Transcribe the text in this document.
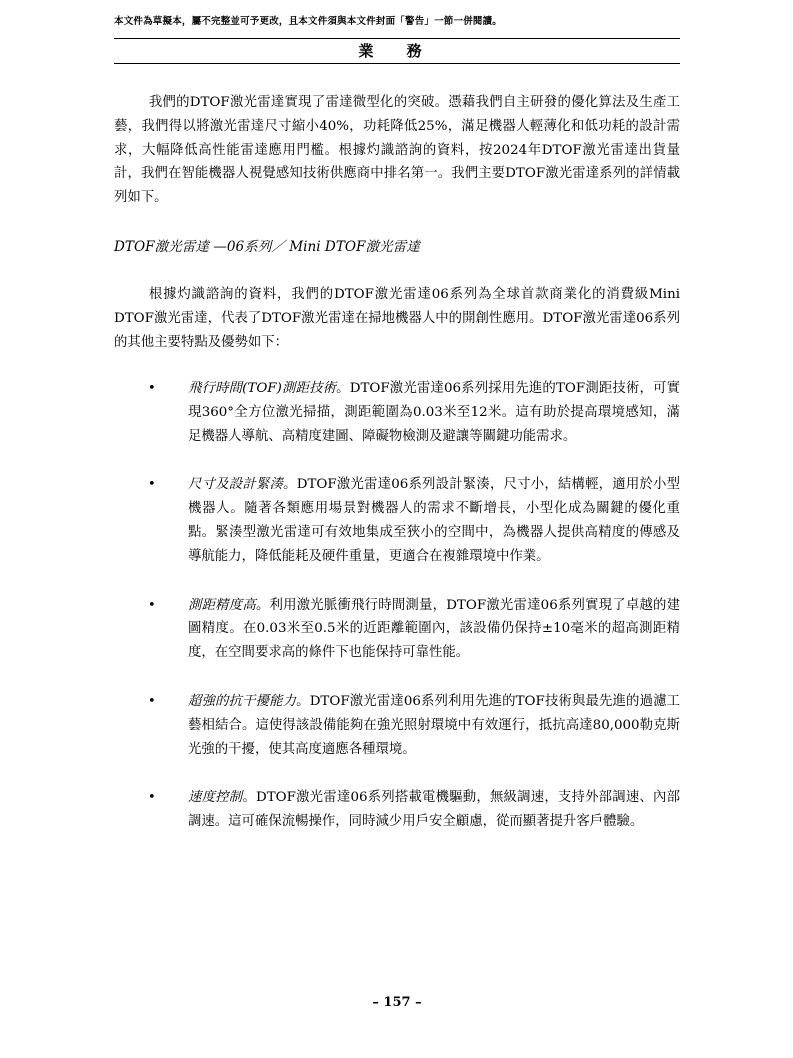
本文件為草擬本，屬不完整並可予更改，且本文件須與本文件封面「警告」一節一併閱讀。
業 務

我們的DTOF激光雷達實現了雷達微型化的突破。憑藉我們自主研發的優化算法及生產工藝，我們得以將激光雷達尺寸縮小40%，功耗降低25%，滿足機器人輕薄化和低功耗的設計需求，大幅降低高性能雷達應用門檻。根據灼識諮詢的資料，按2024年DTOF激光雷達出貨量計，我們在智能機器人視覺感知技術供應商中排名第一。我們主要DTOF激光雷達系列的詳情載列如下。

DTOF激光雷達 —06系列／ Mini DTOF激光雷達

根據灼識諮詢的資料，我們的DTOF激光雷達06系列為全球首款商業化的消費級Mini DTOF激光雷達，代表了DTOF激光雷達在掃地機器人中的開創性應用。DTOF激光雷達06系列的其他主要特點及優勢如下：

• 飛行時間(TOF)測距技術。DTOF激光雷達06系列採用先進的TOF測距技術，可實現360°全方位激光掃描，測距範圍為0.03米至12米。這有助於提高環境感知，滿足機器人導航、高精度建圖、障礙物檢測及避讓等關鍵功能需求。
• 尺寸及設計緊湊。DTOF激光雷達06系列設計緊湊，尺寸小，結構輕，適用於小型機器人。隨著各類應用場景對機器人的需求不斷增長，小型化成為關鍵的優化重點。緊湊型激光雷達可有效地集成至狹小的空間中，為機器人提供高精度的傳感及導航能力，降低能耗及硬件重量，更適合在複雜環境中作業。
• 測距精度高。利用激光脈衝飛行時間測量，DTOF激光雷達06系列實現了卓越的建圖精度。在0.03米至0.5米的近距離範圍內，該設備仍保持±10毫米的超高測距精度，在空間要求高的條件下也能保持可靠性能。
• 超強的抗干擾能力。DTOF激光雷達06系列利用先進的TOF技術與最先進的過濾工藝相結合。這使得該設備能夠在強光照射環境中有效運行，抵抗高達80,000勒克斯光強的干擾，使其高度適應各種環境。
• 速度控制。DTOF激光雷達06系列搭載電機驅動，無級調速，支持外部調速、內部調速。這可確保流暢操作，同時減少用戶安全顧慮，從而顯著提升客戶體驗。
– 157 –
